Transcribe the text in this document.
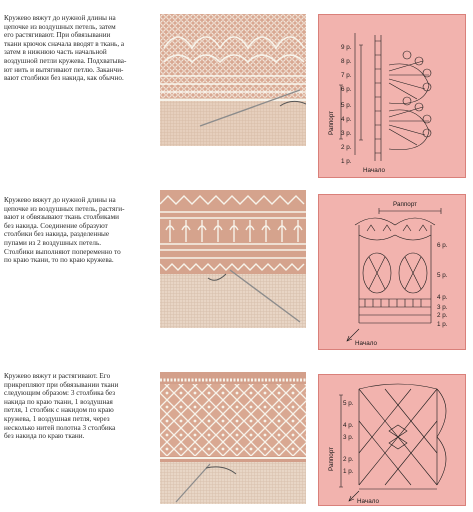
Кружево вяжут до нужной длины на
цепочке из воздушных петель, затем
его растягивают. При обвязывании
ткани крючок сначала вводят в ткань, а
затем в нижнюю часть начальной
воздушной петли кружева. Подхватыва-
ют нить и вытягивают петлю. Заканчи-
вают столбики без накида, как обычно.
9 р.
8 р.
7 р.
6 р.
5 р.
4 р.
3 р.
2 р.
1 р.
Раппорт
Начало
Кружево вяжут до нужной длины на
цепочке из воздушных петель, растяги-
вают и обвязывают ткань столбиками
без накида. Соединение образуют
столбики без накида, разделенные
пупами из 2 воздушных петель.
Столбики выполняют попеременно то
по краю ткани, то по краю кружева.
Раппорт
6 р.
5 р.
4 р.
3 р.
2 р.
1 р.
Начало
Кружево вяжут и растягивают. Его
прикрепляют при обвязывании ткани
следующим образом: 3 столбика без
накида по краю ткани, 1 воздушная
петля, 1 столбик с накидом по краю
кружева, 1 воздушная петля, через
несколько нитей полотна 3 столбика
без накида по краю ткани.
5 р.
4 р.
3 р.
2 р.
1 р.
Раппорт
Начало
